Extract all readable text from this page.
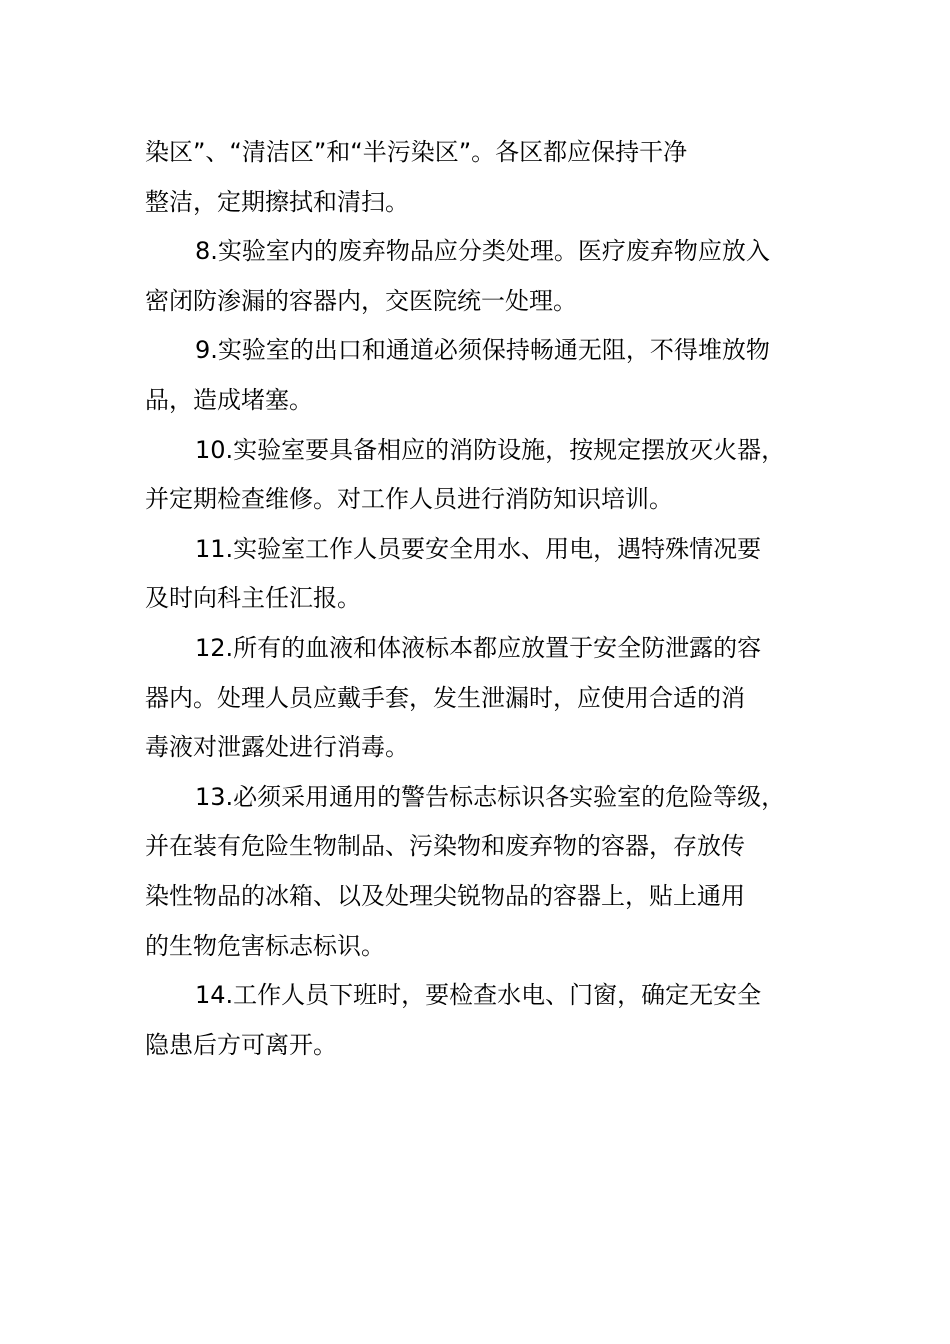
染区”、“清洁区”和“半污染区”。各区都应保持干净
整洁，定期擦拭和清扫。

8.实验室内的废弃物品应分类处理。医疗废弃物应放入
密闭防渗漏的容器内，交医院统一处理。

9.实验室的出口和通道必须保持畅通无阻，不得堆放物
品，造成堵塞。

10.实验室要具备相应的消防设施，按规定摆放灭火器，
并定期检查维修。对工作人员进行消防知识培训。

11.实验室工作人员要安全用水、用电，遇特殊情况要
及时向科主任汇报。

12.所有的血液和体液标本都应放置于安全防泄露的容
器内。处理人员应戴手套，发生泄漏时，应使用合适的消
毒液对泄露处进行消毒。

13.必须采用通用的警告标志标识各实验室的危险等级，
并在装有危险生物制品、污染物和废弃物的容器，存放传
染性物品的冰箱、以及处理尖锐物品的容器上，贴上通用
的生物危害标志标识。

14.工作人员下班时，要检查水电、门窗，确定无安全
隐患后方可离开。
